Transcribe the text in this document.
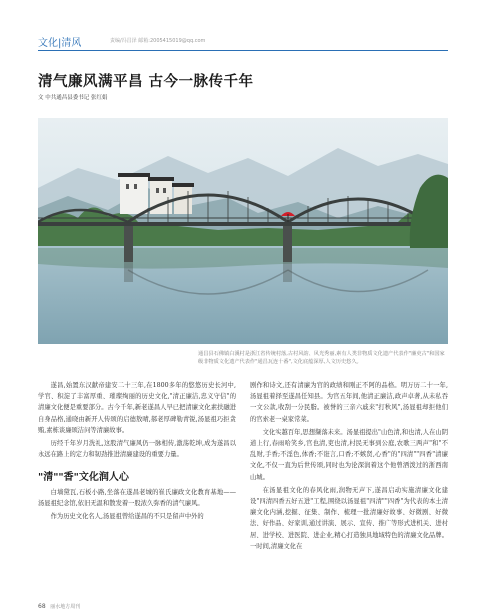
文化|清风	责编/冯昌泽 邮箱:2005415019@qq.com
清气廉风满平昌 古今一脉传千年
文 中共通昌县委书记 张红娟
通昌县石佛镇白溪村是浙江省传统村落,古村风韵、风光秀丽,素有人类非物质文化遗产代表作"廉吏古"和国家级非物质文化遗产代表作"通昌瓦连十番",文化底蕴深厚,人文历史悠久。

遂昌,始置东汉献帝建安二十三年,在1800多年的悠悠历史长河中,学官、积淀了丰富厚重、璀璨绚丽的历史文化,"清正廉洁,忠义守信"的清廉文化便是重要部分。古今千年,新老遂昌人早已把清廉文化素扶融进自身品格,通晓由新开人传颂的启德敖晴,郝老厚碑勒青锐,汤显祖巧拒贪贿,素栋谈廉颂洁问等清廉故事。

历经千年岁月洗礼,这股清气廉风仍一脉相传,激荡乾坤,成为遂昌以永远在路上的定力和韧劲推进清廉建设的重要力量。

"清""香"文化润人心

白墙黛瓦,石板小路,坐落在遂昌老城的崔氏廉政文化教育基地——汤显祖纪念馆,依旧无温和散发着一股浓久弥香的清气廉风。

作为历史文化名人,汤显祖曾给遂昌的不只是留声中外的

剧作和诗文,还有清廉为官的政绩和刚正不阿的品格。明万历二十一年,汤显祖着择至遂昌任知县。为官五年间,他清正廉洁,政声卓著,从未私吞一文公款,收刮一分民脂。被誉的三亲六戚来"打秋风",汤显祖却拒他们的官索老一桌家常菜。

文化实越百年,思想撷落未来。汤显祖提出"山色清,和也清,人在山阴道上行,春雨哈笑乡,官也清,吏也清,村民无事到公庭,农歌三两声"和"不乱财,手香;不淫色,体香;不诳言,口香;不嫉贤,心香"的"四清""四香"清廉文化,不仅一直为后世传颂,同时也为论深润着这个他曾洒泼过的浙西南山城。

在汤显祖文化的春风化雨,润物无声下,遂昌启动实施清廉文化建设"四清四香五好五进"工程,围绕以汤显祖"四清""四香"为代表的本土清廉文化内涵,挖掘、征集、制作、梳理一批清廉好故事、好微剧、好微法、好作品、好家训,通过讲演、展示、宣传、推广等形式进机关、进村居、进学校、进医院、进企业,精心打造独具地域特色的清廉文化品牌。一时间,清廉文化在

68 丽水地方周刊
